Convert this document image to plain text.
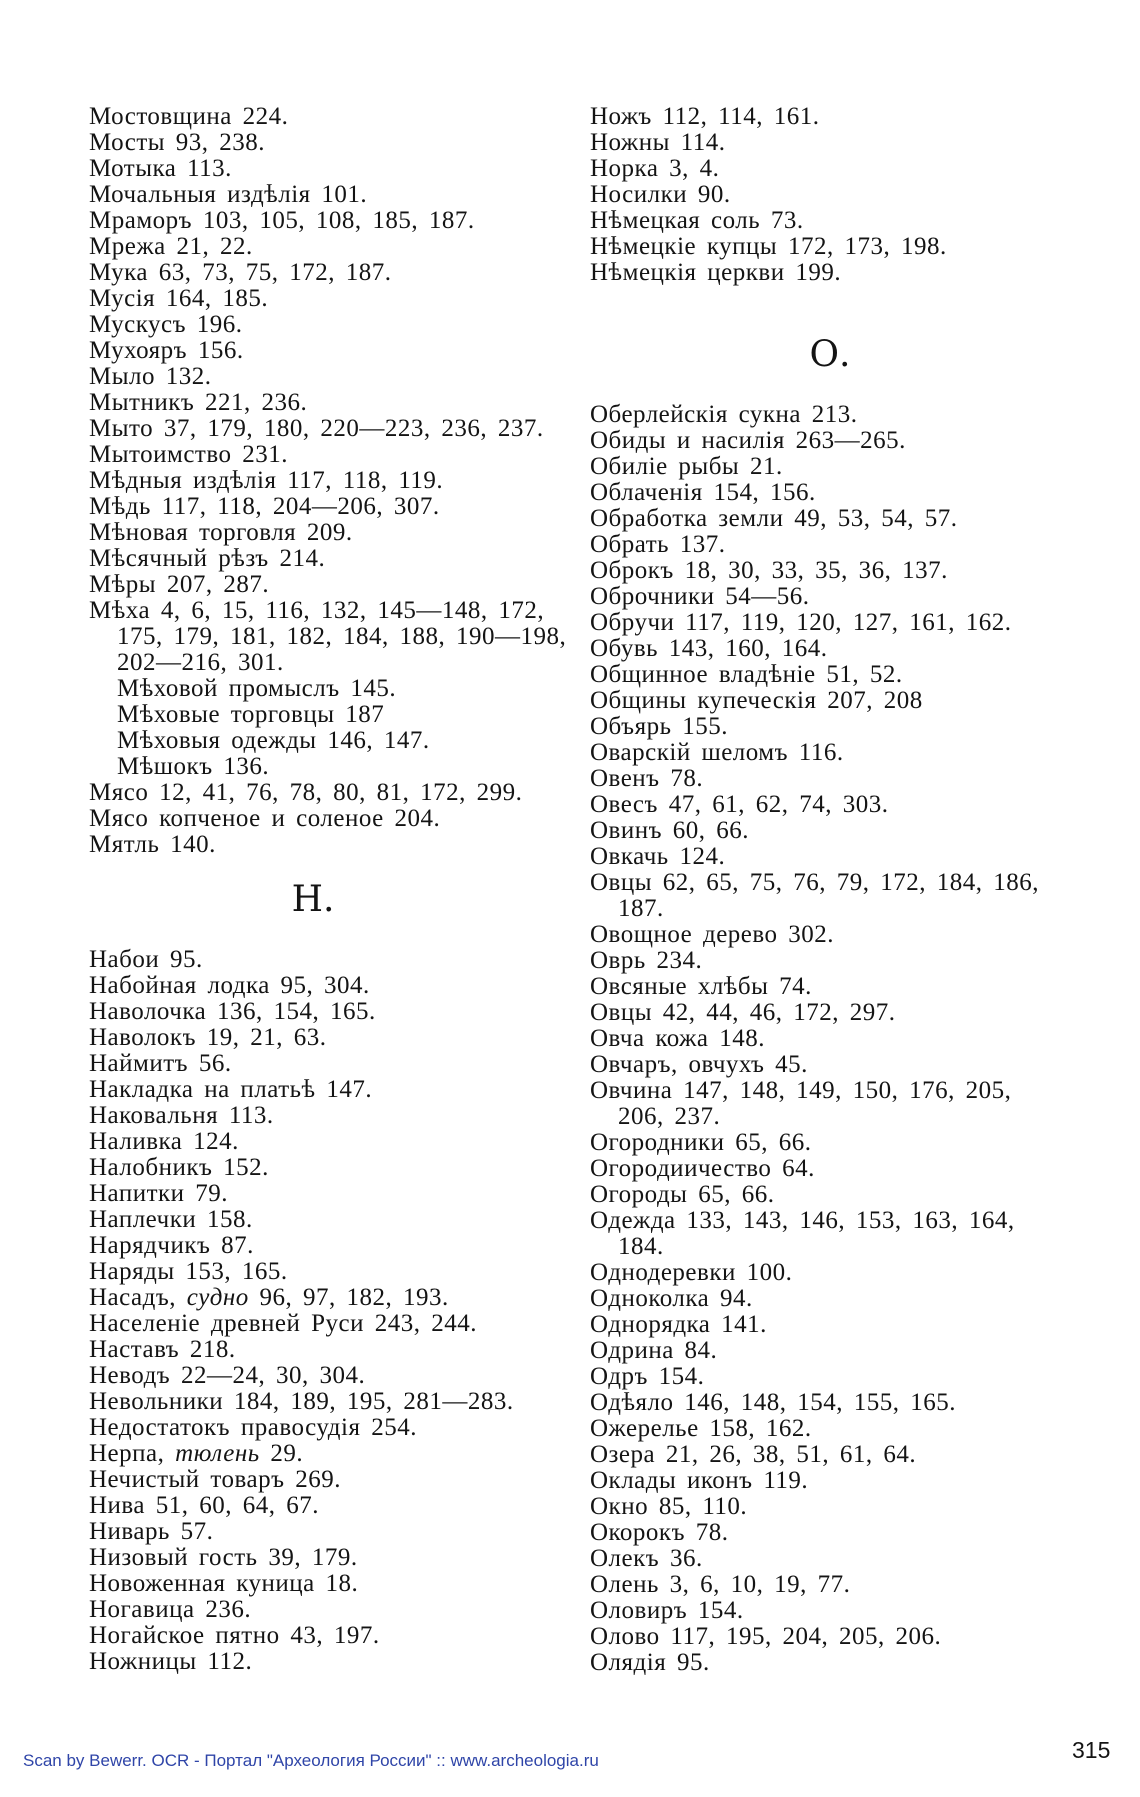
Мостовщина 224.
Мосты 93, 238.
Мотыка 113.
Мочальныя издѣлія 101.
Мраморъ 103, 105, 108, 185, 187.
Мрежа 21, 22.
Мука 63, 73, 75, 172, 187.
Мусія 164, 185.
Мускусъ 196.
Мухояръ 156.
Мыло 132.
Мытникъ 221, 236.
Мыто 37, 179, 180, 220—223, 236, 237.
Мытоимство 231.
Мѣдныя издѣлія 117, 118, 119.
Мѣдь 117, 118, 204—206, 307.
Мѣновая торговля 209.
Мѣсячный рѣзъ 214.
Мѣры 207, 287.
Мѣха 4, 6, 15, 116, 132, 145—148, 172,
175, 179, 181, 182, 184, 188, 190—198,
202—216, 301.
Мѣховой промыслъ 145.
Мѣховые торговцы 187
Мѣховыя одежды 146, 147.
Мѣшокъ 136.
Мясо 12, 41, 76, 78, 80, 81, 172, 299.
Мясо копченое и соленое 204.
Мятль 140.
Н.
Набои 95.
Набойная лодка 95, 304.
Наволочка 136, 154, 165.
Наволокъ 19, 21, 63.
Наймитъ 56.
Накладка на платьѣ 147.
Наковальня 113.
Наливка 124.
Налобникъ 152.
Напитки 79.
Наплечки 158.
Нарядчикъ 87.
Наряды 153, 165.
Насадъ, судно 96, 97, 182, 193.
Населеніе древней Руси 243, 244.
Наставъ 218.
Неводъ 22—24, 30, 304.
Невольники 184, 189, 195, 281—283.
Недостатокъ правосудія 254.
Нерпа, тюлень 29.
Нечистый товаръ 269.
Нива 51, 60, 64, 67.
Ниварь 57.
Низовый гость 39, 179.
Новоженная куница 18.
Ногавица 236.
Ногайское пятно 43, 197.
Ножницы 112.
Ножъ 112, 114, 161.
Ножны 114.
Норка 3, 4.
Носилки 90.
Нѣмецкая соль 73.
Нѣмецкіе купцы 172, 173, 198.
Нѣмецкія церкви 199.
О.
Оберлейскія сукна 213.
Обиды и насилія 263—265.
Обиліе рыбы 21.
Облаченія 154, 156.
Обработка земли 49, 53, 54, 57.
Обрать 137.
Оброкъ 18, 30, 33, 35, 36, 137.
Оброчники 54—56.
Обручи 117, 119, 120, 127, 161, 162.
Обувь 143, 160, 164.
Общинное владѣніе 51, 52.
Общины купеческія 207, 208
Объярь 155.
Оварскій шеломъ 116.
Овенъ 78.
Овесъ 47, 61, 62, 74, 303.
Овинъ 60, 66.
Овкачь 124.
Овцы 62, 65, 75, 76, 79, 172, 184, 186,
187.
Овощное дерево 302.
Оврь 234.
Овсяные хлѣбы 74.
Овцы 42, 44, 46, 172, 297.
Овча кожа 148.
Овчаръ, овчухъ 45.
Овчина 147, 148, 149, 150, 176, 205,
206, 237.
Огородники 65, 66.
Огородиичество 64.
Огороды 65, 66.
Одежда 133, 143, 146, 153, 163, 164,
184.
Однодеревки 100.
Одноколка 94.
Однорядка 141.
Одрина 84.
Одръ 154.
Одѣяло 146, 148, 154, 155, 165.
Ожерелье 158, 162.
Озера 21, 26, 38, 51, 61, 64.
Оклады иконъ 119.
Окно 85, 110.
Окорокъ 78.
Олекъ 36.
Олень 3, 6, 10, 19, 77.
Оловиръ 154.
Олово 117, 195, 204, 205, 206.
Олядія 95.
Scan by Bewerr. OCR - Портал "Археология России" :: www.archeologia.ru	315
